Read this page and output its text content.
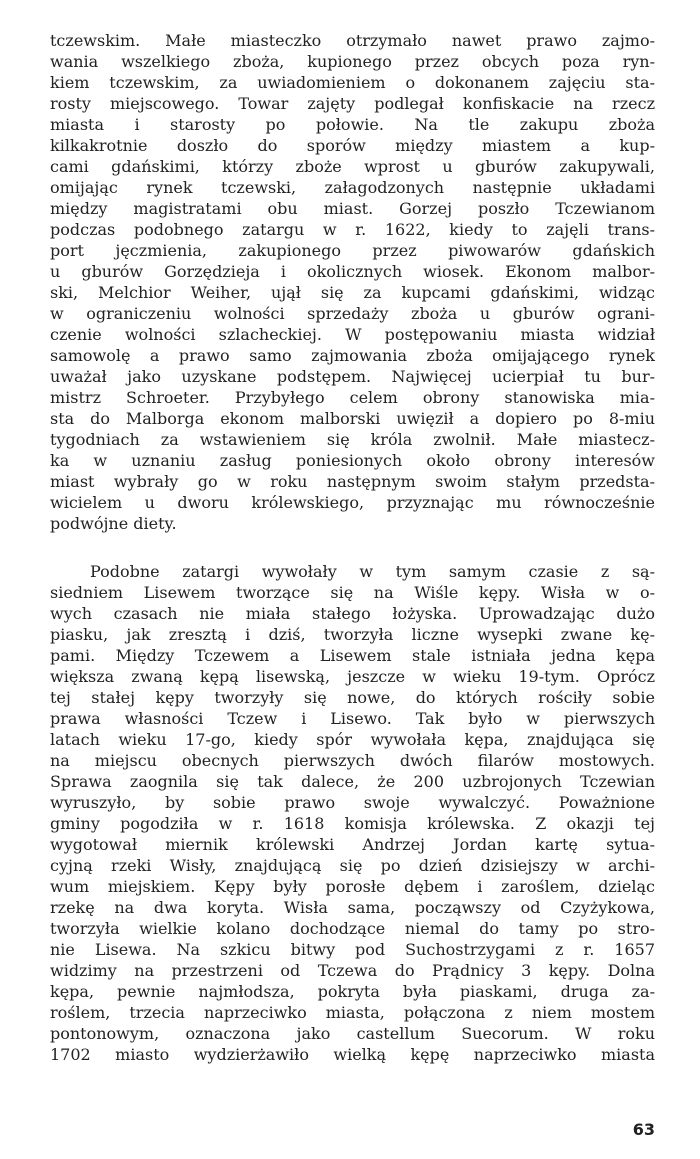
tczewskim. Małe miasteczko otrzymało nawet prawo zajmo-
wania wszelkiego zboża, kupionego przez obcych poza ryn-
kiem tczewskim, za uwiadomieniem o dokonanem zajęciu sta-
rosty miejscowego. Towar zajęty podlegał konfiskacie na rzecz
miasta i starosty po połowie. Na tle zakupu zboża
kilkakrotnie doszło do sporów między miastem a kup-
cami gdańskimi, którzy zboże wprost u gburów zakupywali,
omijając rynek tczewski, załagodzonych następnie układami
między magistratami obu miast. Gorzej poszło Tczewianom
podczas podobnego zatargu w r. 1622, kiedy to zajęli trans-
port jęczmienia, zakupionego przez piwowarów gdańskich
u gburów Gorzędzieja i okolicznych wiosek. Ekonom malbor-
ski, Melchior Weiher, ujął się za kupcami gdańskimi, widząc
w ograniczeniu wolności sprzedaży zboża u gburów ograni-
czenie wolności szlacheckiej. W postępowaniu miasta widział
samowolę a prawo samo zajmowania zboża omijającego rynek
uważał jako uzyskane podstępem. Najwięcej ucierpiał tu bur-
mistrz Schroeter. Przybyłego celem obrony stanowiska mia-
sta do Malborga ekonom malborski uwięził a dopiero po 8-miu
tygodniach za wstawieniem się króla zwolnił. Małe miastecz-
ka w uznaniu zasług poniesionych około obrony interesów
miast wybrały go w roku następnym swoim stałym przedsta-
wicielem u dworu królewskiego, przyznając mu równocześnie
podwójne diety.
Podobne zatargi wywołały w tym samym czasie z są-
siedniem Lisewem tworzące się na Wiśle kępy. Wisła w o-
wych czasach nie miała stałego łożyska. Uprowadzając dużo
piasku, jak zresztą i dziś, tworzyła liczne wysepki zwane kę-
pami. Między Tczewem a Lisewem stale istniała jedna kępa
większa zwaną kępą lisewską, jeszcze w wieku 19-tym. Oprócz
tej stałej kępy tworzyły się nowe, do których rościły sobie
prawa własności Tczew i Lisewo. Tak było w pierwszych
latach wieku 17-go, kiedy spór wywołała kępa, znajdująca się
na miejscu obecnych pierwszych dwóch filarów mostowych.
Sprawa zaognila się tak dalece, że 200 uzbrojonych Tczewian
wyruszyło, by sobie prawo swoje wywalczyć. Poważnione
gminy pogodziła w r. 1618 komisja królewska. Z okazji tej
wygotował miernik królewski Andrzej Jordan kartę sytua-
cyjną rzeki Wisły, znajdującą się po dzień dzisiejszy w archi-
wum miejskiem. Kępy były porosłe dębem i zaroślem, dzieląc
rzekę na dwa koryta. Wisła sama, począwszy od Czyżykowa,
tworzyła wielkie kolano dochodzące niemal do tamy po stro-
nie Lisewa. Na szkicu bitwy pod Suchostrzygami z r. 1657
widzimy na przestrzeni od Tczewa do Prądnicy 3 kępy. Dolna
kępa, pewnie najmłodsza, pokryta była piaskami, druga za-
roślem, trzecia naprzeciwko miasta, połączona z niem mostem
pontonowym, oznaczona jako castellum Suecorum. W roku
1702 miasto wydzierżawiło wielką kępę naprzeciwko miasta
63
